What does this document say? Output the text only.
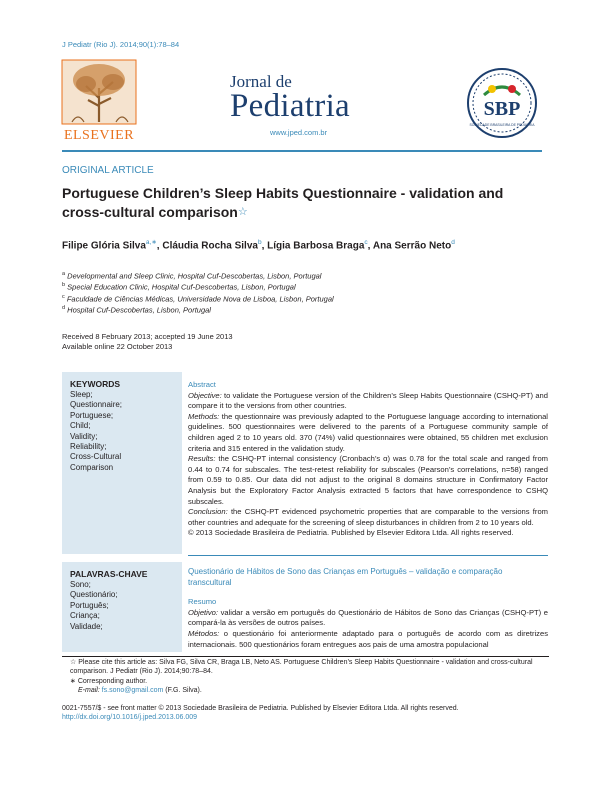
J Pediatr (Rio J). 2014;90(1):78–84
ELSEVIER
Jornal de
Pediatria
www.jped.com.br
SBP
SOCIEDADE BRASILEIRA DE PEDIATRIA
ORIGINAL ARTICLE
Portuguese Children’s Sleep Habits Questionnaire - validation and cross-cultural comparison☆
Filipe Glória Silva$^{a,∗}$, Cláudia Rocha Silva$^b$, Lígia Barbosa Braga$^c$, Ana Serrão Neto$^d$
$^a$ Developmental and Sleep Clinic, Hospital Cuf-Descobertas, Lisbon, Portugal
$^b$ Special Education Clinic, Hospital Cuf-Descobertas, Lisbon, Portugal
$^c$ Faculdade de Ciências Médicas, Universidade Nova de Lisboa, Lisbon, Portugal
$^d$ Hospital Cuf-Descobertas, Lisbon, Portugal
Received 8 February 2013; accepted 19 June 2013
Available online 22 October 2013
KEYWORDS
Sleep;
Questionnaire;
Portuguese;
Child;
Validity;
Reliability;
Cross-Cultural
Comparison
Abstract

Objective: to validate the Portuguese version of the Children’s Sleep Habits Questionnaire (CSHQ-PT) and compare it to the versions from other countries.

Methods: the questionnaire was previously adapted to the Portuguese language according to international guidelines. 500 questionnaires were delivered to the parents of a Portuguese community sample of children aged 2 to 10 years old. 370 (74%) valid questionnaires were obtained, 55 children met exclusion criteria and 315 entered in the validation study.

Results: the CSHQ-PT internal consistency (Cronbach’s α) was 0.78 for the total scale and ranged from 0.44 to 0.74 for subscales. The test-retest reliability for subscales (Pearson’s correlations, n=58) ranged from 0.59 to 0.85. Our data did not adjust to the original 8 domains structure in Confirmatory Factor Analysis but the Exploratory Factor Analysis extracted 5 factors that have correspondence to CSHQ subscales.

Conclusion: the CSHQ-PT evidenced psychometric properties that are comparable to the versions from other countries and adequate for the screening of sleep disturbances in children from 2 to 10 years old.

© 2013 Sociedade Brasileira de Pediatria. Published by Elsevier Editora Ltda. All rights reserved.

PALAVRAS-CHAVE
Sono;
Questionário;
Português;
Criança;
Validade;
Questionário de Hábitos de Sono das Crianças em Português – validação e comparação transcultural
Resumo

Objetivo: validar a versão em português do Questionário de Hábitos de Sono das Crianças (CSHQ-PT) e compará-la às versões de outros países.

Métodos: o questionário foi anteriormente adaptado para o português de acordo com as diretrizes internacionais. 500 questionários foram entregues aos pais de uma amostra populacional

☆ Please cite this article as: Silva FG, Silva CR, Braga LB, Neto AS. Portuguese Children’s Sleep Habits Questionnaire - validation and cross-cultural comparison. J Pediatr (Rio J). 2014;90:78–84.
∗ Corresponding author.
E-mail: fs.sono@gmail.com (F.G. Silva).
0021-7557/$ - see front matter © 2013 Sociedade Brasileira de Pediatria. Published by Elsevier Editora Ltda. All rights reserved.
http://dx.doi.org/10.1016/j.jped.2013.06.009
